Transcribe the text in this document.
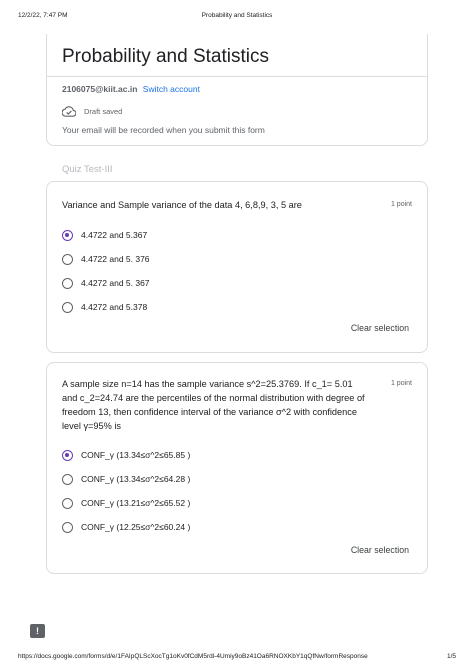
12/2/22, 7:47 PM	Probability and Statistics
Probability and Statistics
2106075@kiit.ac.in Switch account
Draft saved
Your email will be recorded when you submit this form
Quiz Test-III
Variance and Sample variance of the data 4, 6,8,9, 3, 5 are	1 point
4.4722 and 5.367
4.4722 and 5. 376
4.4272 and 5. 367
4.4272 and 5.378
Clear selection
A sample size n=14 has the sample variance s^2=25.3769. If c_1= 5.01 and c_2=24.74 are the percentiles of the normal distribution with degree of freedom 13, then confidence interval of the variance σ^2 with confidence level γ=95% is
1 point
CONF_γ (13.34≤σ^2≤65.85 )
CONF_γ (13.34≤σ^2≤64.28 )
CONF_γ (13.21≤σ^2≤65.52 )
CONF_γ (12.25≤σ^2≤60.24 )
Clear selection
!
https://docs.google.com/forms/d/e/1FAIpQLScXocTg1oKv0fCdM5rdl-4Umiy9oBz41Oa6RNOXKbY1qQfNw/formResponse	1/5
